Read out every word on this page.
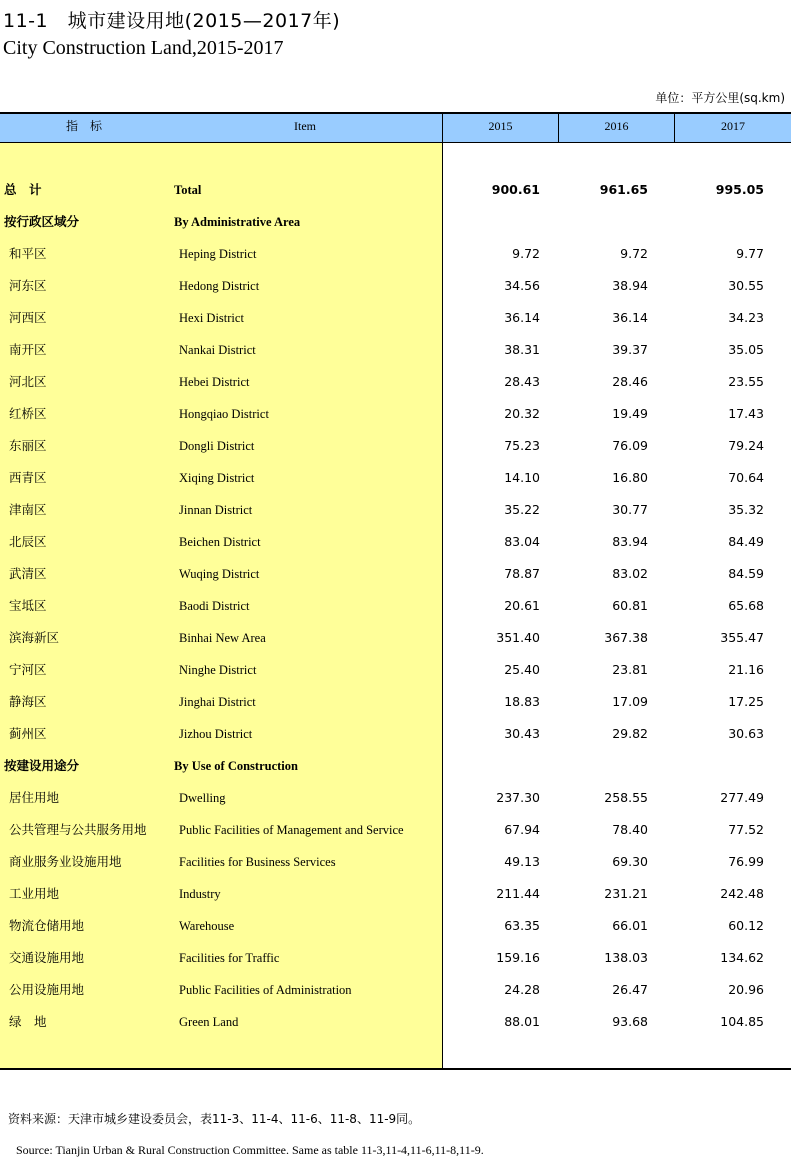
11-1　城市建设用地(2015—2017年)
City Construction Land,2015-2017
单位：平方公里(sq.km)
指　标	Item	2015	2016	2017
总　计	Total	900.61	961.65	995.05
按行政区域分	By Administrative Area
和平区	Heping District	9.72	9.72	9.77
河东区	Hedong District	34.56	38.94	30.55
河西区	Hexi District	36.14	36.14	34.23
南开区	Nankai District	38.31	39.37	35.05
河北区	Hebei District	28.43	28.46	23.55
红桥区	Hongqiao District	20.32	19.49	17.43
东丽区	Dongli District	75.23	76.09	79.24
西青区	Xiqing District	14.10	16.80	70.64
津南区	Jinnan District	35.22	30.77	35.32
北辰区	Beichen District	83.04	83.94	84.49
武清区	Wuqing District	78.87	83.02	84.59
宝坻区	Baodi District	20.61	60.81	65.68
滨海新区	Binhai New Area	351.40	367.38	355.47
宁河区	Ninghe District	25.40	23.81	21.16
静海区	Jinghai District	18.83	17.09	17.25
蓟州区	Jizhou District	30.43	29.82	30.63
按建设用途分	By Use of Construction
居住用地	Dwelling	237.30	258.55	277.49
公共管理与公共服务用地	Public Facilities of Management and Service	67.94	78.40	77.52
商业服务业设施用地	Facilities for Business Services	49.13	69.30	76.99
工业用地	Industry	211.44	231.21	242.48
物流仓储用地	Warehouse	63.35	66.01	60.12
交通设施用地	Facilities for Traffic	159.16	138.03	134.62
公用设施用地	Public Facilities of Administration	24.28	26.47	20.96
绿　地	Green Land	88.01	93.68	104.85
资料来源：天津市城乡建设委员会，表11-3、11-4、11-6、11-8、11-9同。
Source: Tianjin Urban & Rural Construction Committee. Same as table 11-3,11-4,11-6,11-8,11-9.
